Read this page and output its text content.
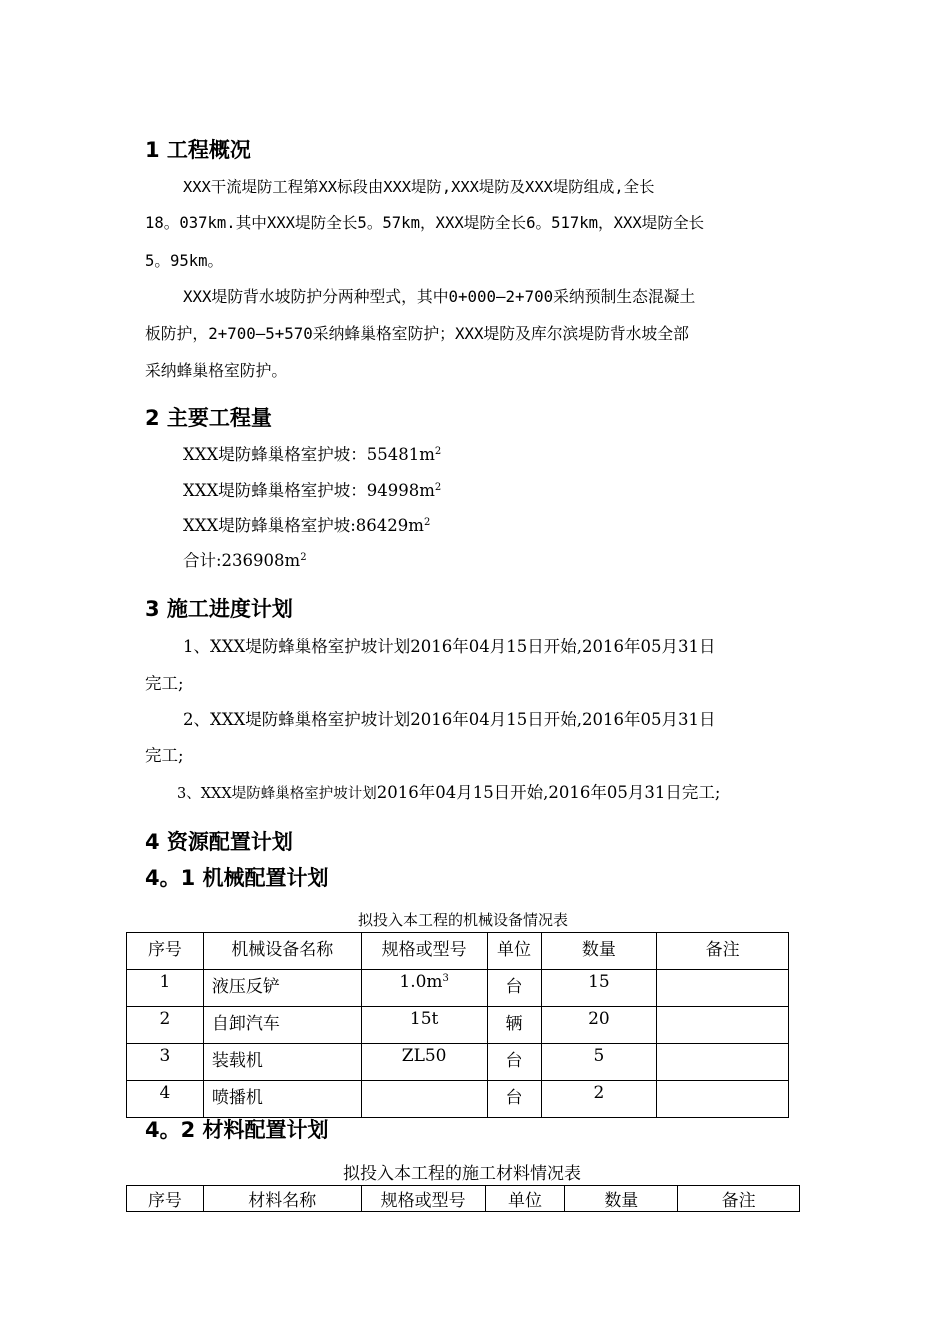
1 工程概况
XXX干流堤防工程第XX标段由XXX堤防,XXX堤防及XXX堤防组成,全长
18。037km.其中XXX堤防全长5。57km，XXX堤防全长6。517km，XXX堤防全长
5。95km。
XXX堤防背水坡防护分两种型式，其中0+000—2+700采纳预制生态混凝土
板防护，2+700—5+570采纳蜂巢格室防护；XXX堤防及库尔滨堤防背水坡全部
采纳蜂巢格室防护。
2 主要工程量
XXX堤防蜂巢格室护坡：$55481m^2$
XXX堤防蜂巢格室护坡：$94998m^2$
XXX堤防蜂巢格室护坡$:86429m^2$
合计$:236908m^2$
3 施工进度计划
1、XXX堤防蜂巢格室护坡计划2016年04月15日开始,2016年05月31日
完工;
2、XXX堤防蜂巢格室护坡计划2016年04月15日开始,2016年05月31日
完工;
3、XXX堤防蜂巢格室护坡计划2016年04月15日开始,2016年05月31日完工;
4 资源配置计划
4。1 机械配置计划
拟投入本工程的机械设备情况表
序号	机械设备名称	规格或型号	单位	数量	备注
1	液压反铲	$1.0m^3$	台	15	
2	自卸汽车	15t	辆	20	
3	装载机	ZL50	台	5	
4	喷播机		台	2	
4。2 材料配置计划
拟投入本工程的施工材料情况表
序号	材料名称	规格或型号	单位	数量	备注
